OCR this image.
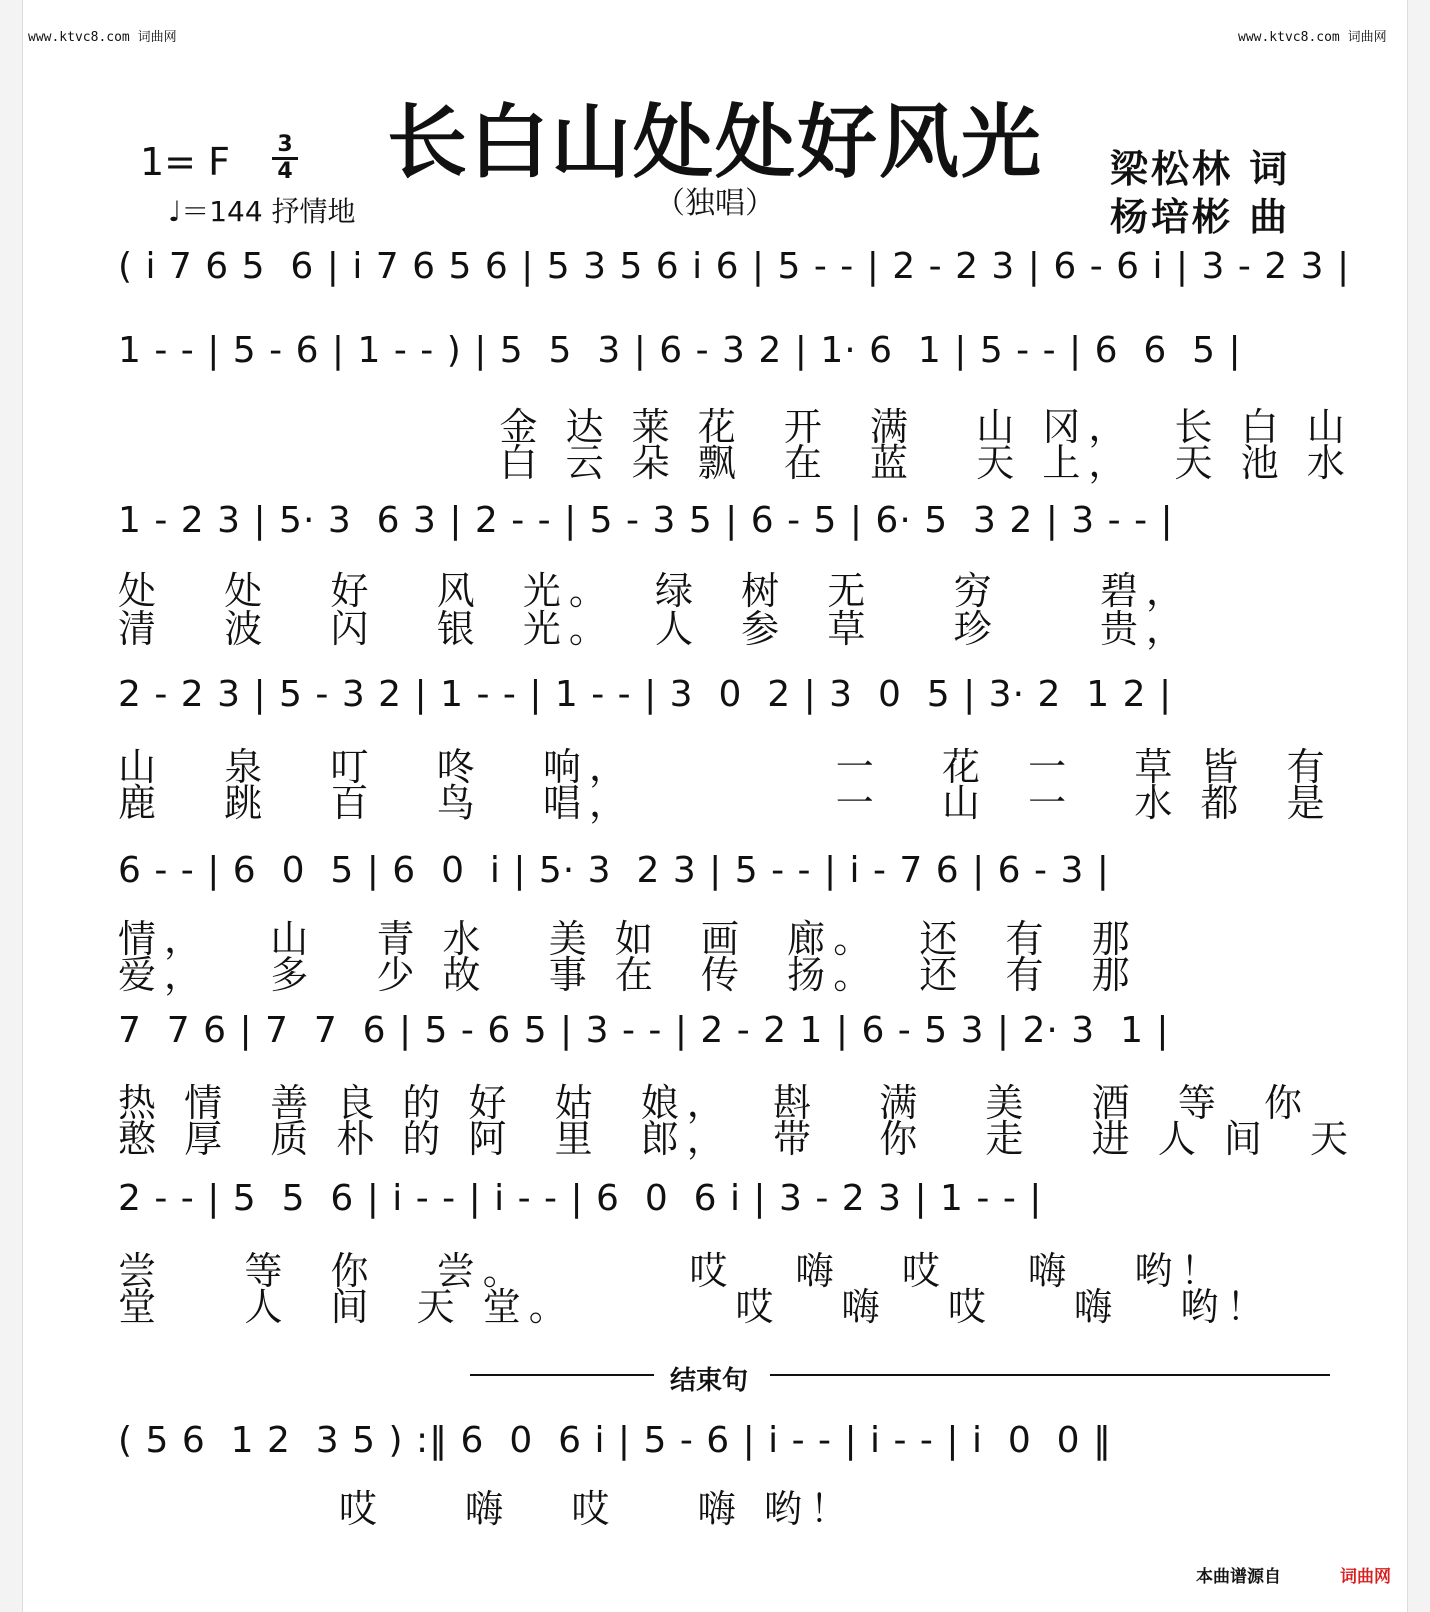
www.ktvc8.com 词曲网	www.ktvc8.com 词曲网
长白山处处好风光
（独唱）
梁松林 词
杨培彬 曲
1= F 3
4
♩＝144 抒情地
( i 7 6 5  6 | i 7 6 5 6 | 5 3 5 6 i 6 | 5 - - | 2 - 2 3 | 6 - 6 i | 3 - 2 3 |
1 - - | 5 - 6 | 1 - - ) | 5  5  3 | 6 - 3 2 | 1· 6  1 | 5 - - | 6  6  5 |
金 达 莱 花  开  满   山 冈，  长 白 山
白 云 朵 飘  在  蓝   天 上，  天 池 水
1 - 2 3 | 5· 3  6 3 | 2 - - | 5 - 3 5 | 6 - 5 | 6· 5  3 2 | 3 - - |
处   处   好   风  光。  绿  树  无    穷     碧，
清   波   闪   银  光。  人  参  草    珍     贵，
2 - 2 3 | 5 - 3 2 | 1 - - | 1 - - | 3  0  2 | 3  0  5 | 3· 2  1 2 |
山   泉   叮   咚   响，          一   花  一   草 皆  有
鹿   跳   百   鸟   唱，          一   山  一   水 都  是
6 - - | 6  0  5 | 6  0  i | 5· 3  2 3 | 5 - - | i - 7 6 | 6 - 3 |
情，   山   青 水   美 如  画  廊。  还  有  那
爱，   多   少 故   事 在  传  扬。  还  有  那
7  7 6 | 7  7  6 | 5 - 6 5 | 3 - - | 2 - 2 1 | 6 - 5 3 | 2· 3  1 |
热 情  善 良 的 好  姑  娘，  斟   满   美   酒  等  你
憨 厚  质 朴 的 阿  里  郎，  带   你   走   进 人 间  天
2 - - | 5  5  6 | i - - | i - - | 6  0  6 i | 3 - 2 3 | 1 - - |
尝    等  你   尝。        哎   嗨   哎    嗨   哟！
堂    人  间  天 堂。        哎   嗨   哎    嗨   哟！
结束句
( 5 6  1 2  3 5 ) :‖ 6  0  6 i | 5 - 6 | i - - | i - - | i  0  0 ‖
哎    嗨   哎    嗨 哟！
本曲谱源自	词曲网
